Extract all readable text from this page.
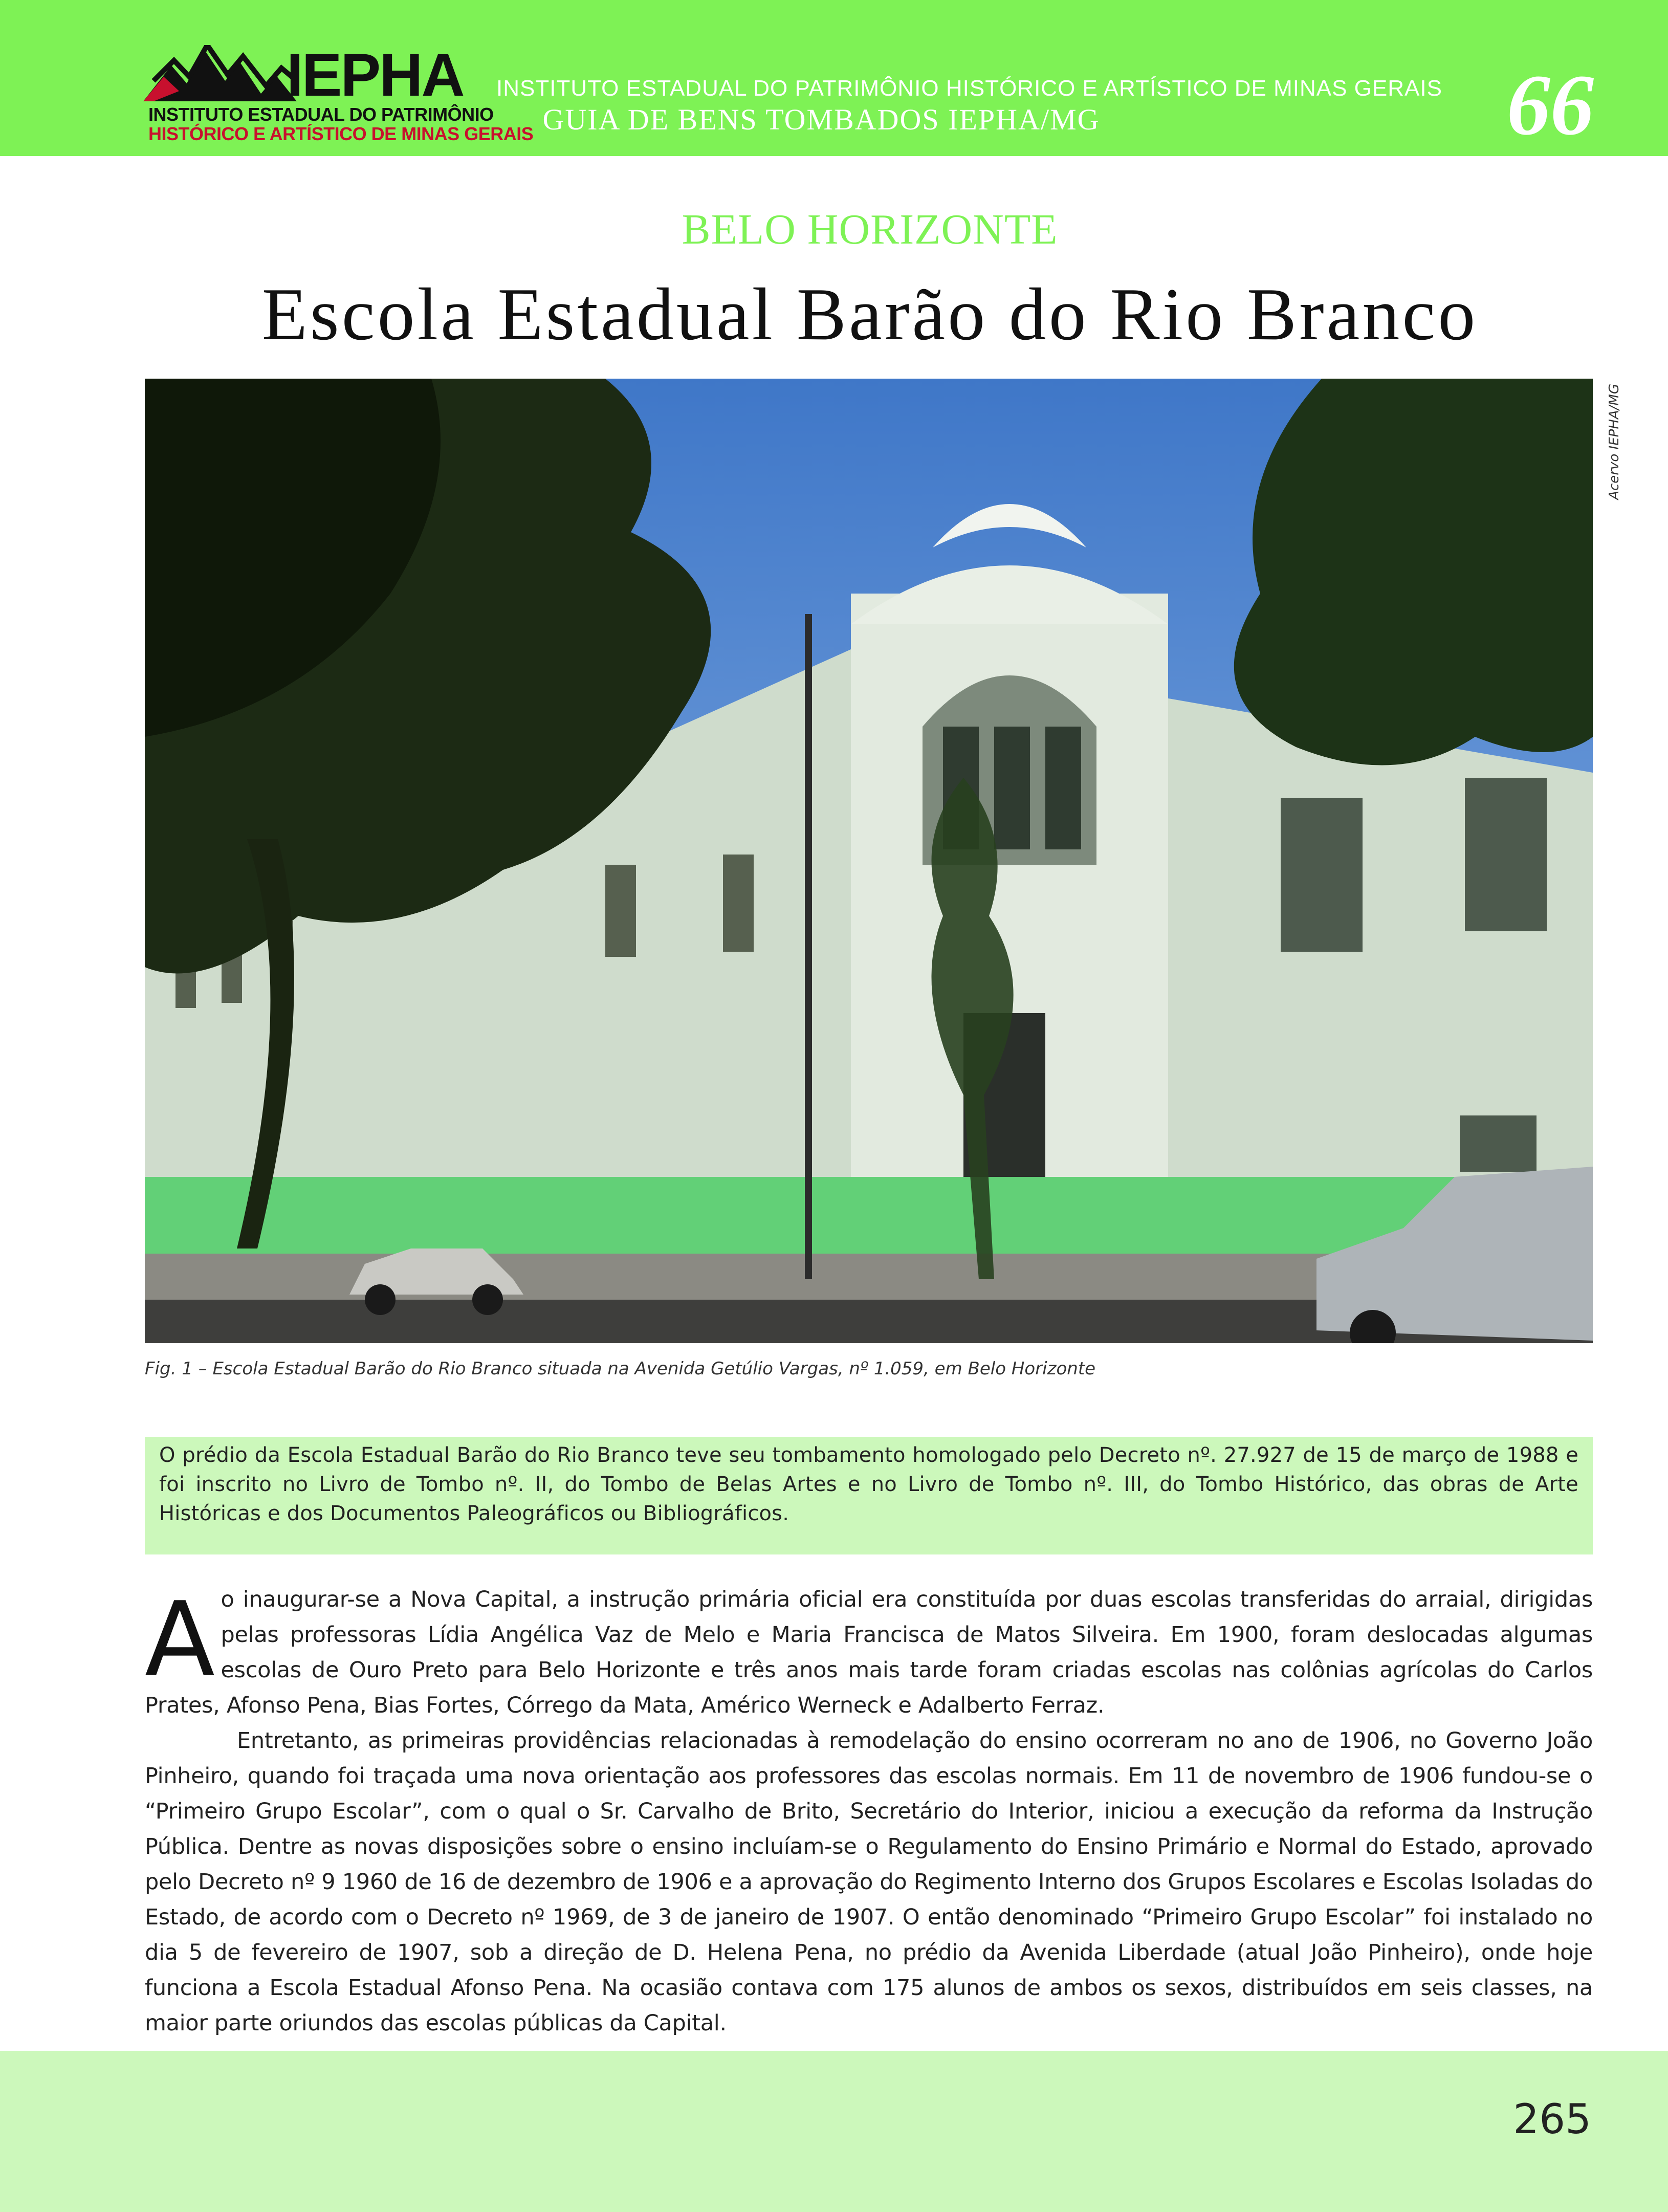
IEPHA
INSTITUTO ESTADUAL DO PATRIMÔNIO
HISTÓRICO E ARTÍSTICO DE MINAS GERAIS
INSTITUTO ESTADUAL DO PATRIMÔNIO HISTÓRICO E ARTÍSTICO DE MINAS GERAIS
GUIA DE BENS TOMBADOS IEPHA/MG	66
BELO HORIZONTE
Escola Estadual Barão do Rio Branco
Acervo IEPHA/MG
Fig. 1 – Escola Estadual Barão do Rio Branco situada na Avenida Getúlio Vargas, nº 1.059, em Belo Horizonte
O prédio da Escola Estadual Barão do Rio Branco teve seu tombamento homologado pelo Decreto nº. 27.927 de 15 de março de 1988 e foi inscrito no Livro de Tombo nº. II, do Tombo de Belas Artes e no Livro de Tombo nº. III, do Tombo Histórico, das obras de Arte Históricas e dos Documentos Paleográficos ou Bibliográficos.

Ao inaugurar-se a Nova Capital, a instrução primária oficial era constituída por duas escolas transferidas do arraial, dirigidas pelas professoras Lídia Angélica Vaz de Melo e Maria Francisca de Matos Silveira. Em 1900, foram deslocadas algumas escolas de Ouro Preto para Belo Horizonte e três anos mais tarde foram criadas escolas nas colônias agrícolas do Carlos Prates, Afonso Pena, Bias Fortes, Córrego da Mata, Américo Werneck e Adalberto Ferraz.

Entretanto, as primeiras providências relacionadas à remodelação do ensino ocorreram no ano de 1906, no Governo João Pinheiro, quando foi traçada uma nova orientação aos professores das escolas normais. Em 11 de novembro de 1906 fundou-se o “Primeiro Grupo Escolar”, com o qual o Sr. Carvalho de Brito, Secretário do Interior, iniciou a execução da reforma da Instrução Pública. Dentre as novas disposições sobre o ensino incluíam-se o Regulamento do Ensino Primário e Normal do Estado, aprovado pelo Decreto nº 9 1960 de 16 de dezembro de 1906 e a aprovação do Regimento Interno dos Grupos Escolares e Escolas Isoladas do Estado, de acordo com o Decreto nº 1969, de 3 de janeiro de 1907. O então denominado “Primeiro Grupo Escolar” foi instalado no dia 5 de fevereiro de 1907, sob a direção de D. Helena Pena, no prédio da Avenida Liberdade (atual João Pinheiro), onde hoje funciona a Escola Estadual Afonso Pena. Na ocasião contava com 175 alunos de ambos os sexos, distribuídos em seis classes, na maior parte oriundos das escolas públicas da Capital.

265
